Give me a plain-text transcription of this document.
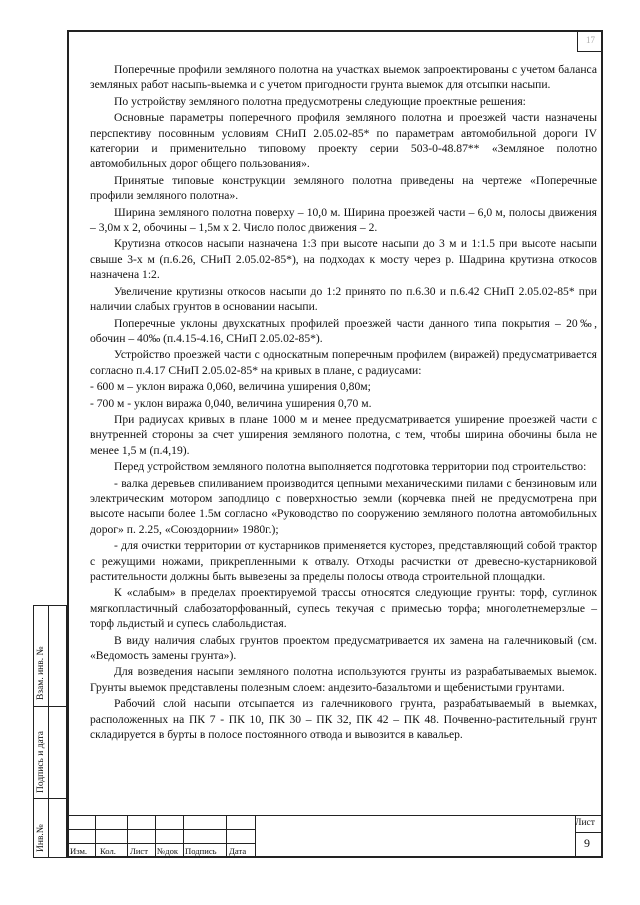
17

Поперечные профили земляного полотна на участках выемок запроектированы с учетом баланса земляных работ насыпь-выемка и с учетом пригодности грунта выемок для отсыпки насыпи.

По устройству земляного полотна предусмотрены следующие проектные решения:

Основные параметры поперечного профиля земляного полотна и проезжей части назначены перспективу посовнным условиям СНиП 2.05.02-85* по параметрам автомобильной дороги IV категории и применительно типовому проекту серии 503-0-48.87** «Земляное полотно автомобильных дорог общего пользования».

Принятые типовые конструкции земляного полотна приведены на чертеже «Поперечные профили земляного полотна».

Ширина земляного полотна поверху – 10,0 м. Ширина проезжей части – 6,0 м, полосы движения – 3,0м х 2, обочины – 1,5м х 2. Число полос движения – 2.

Крутизна откосов насыпи назначена 1:3 при высоте насыпи до 3 м и 1:1.5 при высоте насыпи свыше 3-х м (п.6.26, СНиП 2.05.02-85*), на подходах к мосту через р. Шадрина крутизна откосов назначена 1:2.

Увеличение крутизны откосов насыпи до 1:2 принято по п.6.30 и п.6.42 СНиП 2.05.02-85* при наличии слабых грунтов в основании насыпи.

Поперечные уклоны двухскатных профилей проезжей части данного типа покрытия – 20‰, обочин – 40‰ (п.4.15-4.16, СНиП 2.05.02-85*).

Устройство проезжей части с односкатным поперечным профилем (виражей) предусматривается согласно п.4.17 СНиП 2.05.02-85* на кривых в плане, с радиусами:

- 600 м – уклон виража 0,060, величина уширения 0,80м;

- 700 м - уклон виража 0,040, величина уширения 0,70 м.

При радиусах кривых в плане 1000 м и менее предусматривается уширение проезжей части с внутренней стороны за счет уширения земляного полотна, с тем, чтобы ширина обочины была не менее 1,5 м (п.4,19).

Перед устройством земляного полотна выполняется подготовка территории под строительство:

- валка деревьев спиливанием производится цепными механическими пилами с бензиновым или электрическим мотором заподлицо с поверхностью земли (корчевка пней не предусмотрена при высоте насыпи более 1.5м согласно «Руководство по сооружению земляного полотна автомобильных дорог» п. 2.25, «Союздорнии» 1980г.);

- для очистки территории от кустарников применяется кусторез, представляющий собой трактор с режущими ножами, прикрепленными к отвалу. Отходы расчистки от древесно-кустарниковой растительности должны быть вывезены за пределы полосы отвода строительной площадки.

К «слабым» в пределах проектируемой трассы относятся следующие грунты: торф, суглинок мягкопластичный слабозаторфованный, супесь текучая с примесью торфа; многолетнемерзлые – торф льдистый и супесь слабольдистая.

В виду наличия слабых грунтов проектом предусматривается их замена на галечниковый (см. «Ведомость замены грунта»).

Для возведения насыпи земляного полотна используются грунты из разрабатываемых выемок. Грунты выемок представлены полезным слоем: андезито-базальтоми и щебенистыми грунтами.

Рабочий слой насыпи отсыпается из галечникового грунта, разрабатываемый в выемках, расположенных на ПК 7 - ПК 10, ПК 30 – ПК 32, ПК 42 – ПК 48. Почвенно-растительный грунт складируется в бурты в полосе постоянного отвода и вывозится в кавальер.

Взам. инв. №
Подпись и дата
Инв.№	Изм. Кол. Лист №док Подпись Дата
Лист
9
